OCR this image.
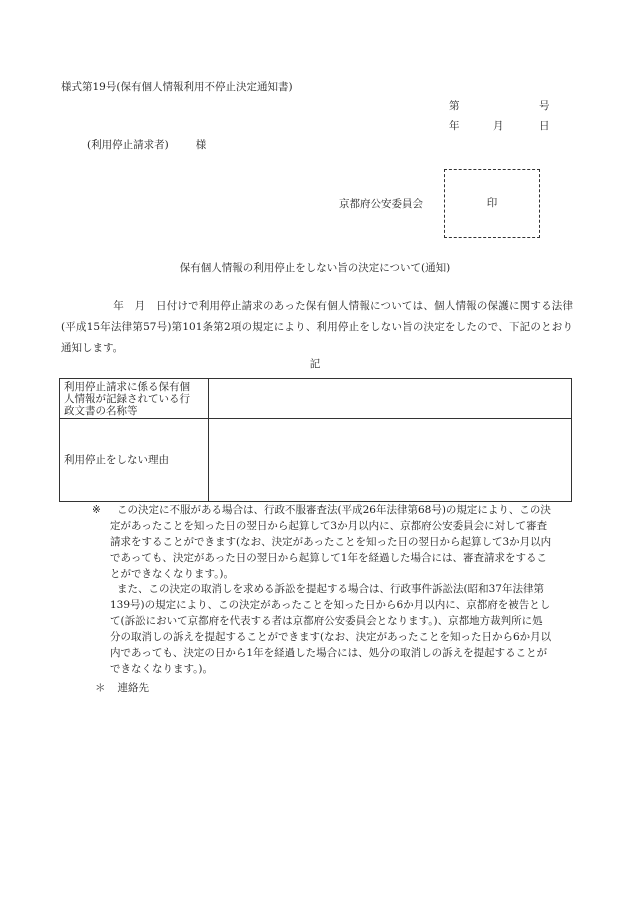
様式第19号(保有個人情報利用不停止決定通知書)
第	号
年	月	日
(利用停止請求者)	様
京都府公安委員会	印
保有個人情報の利用停止をしない旨の決定について(通知)
年　月　日付けで利用停止請求のあった保有個人情報については、個人情報の保護に関する法律(平成15年法律第57号)第101条第2項の規定により、利用停止をしない旨の決定をしたので、下記のとおり通知します。
記
利用停止請求に係る保有個
人情報が記録されている行
政文書の名称等	

利用停止をしない理由	
※ この決定に不服がある場合は、行政不服審査法(平成26年法律第68号)の規定により、この決
定があったことを知った日の翌日から起算して3か月以内に、京都府公安委員会に対して審査
請求をすることができます(なお、決定があったことを知った日の翌日から起算して3か月以内
であっても、決定があった日の翌日から起算して1年を経過した場合には、審査請求をするこ
とができなくなります。)。
また、この決定の取消しを求める訴訟を提起する場合は、行政事件訴訟法(昭和37年法律第
139号)の規定により、この決定があったことを知った日から6か月以内に、京都府を被告とし
て(訴訟において京都府を代表する者は京都府公安委員会となります。)、京都地方裁判所に処
分の取消しの訴えを提起することができます(なお、決定があったことを知った日から6か月以
内であっても、決定の日から1年を経過した場合には、処分の取消しの訴えを提起することが
できなくなります。)。
＊ 連絡先
